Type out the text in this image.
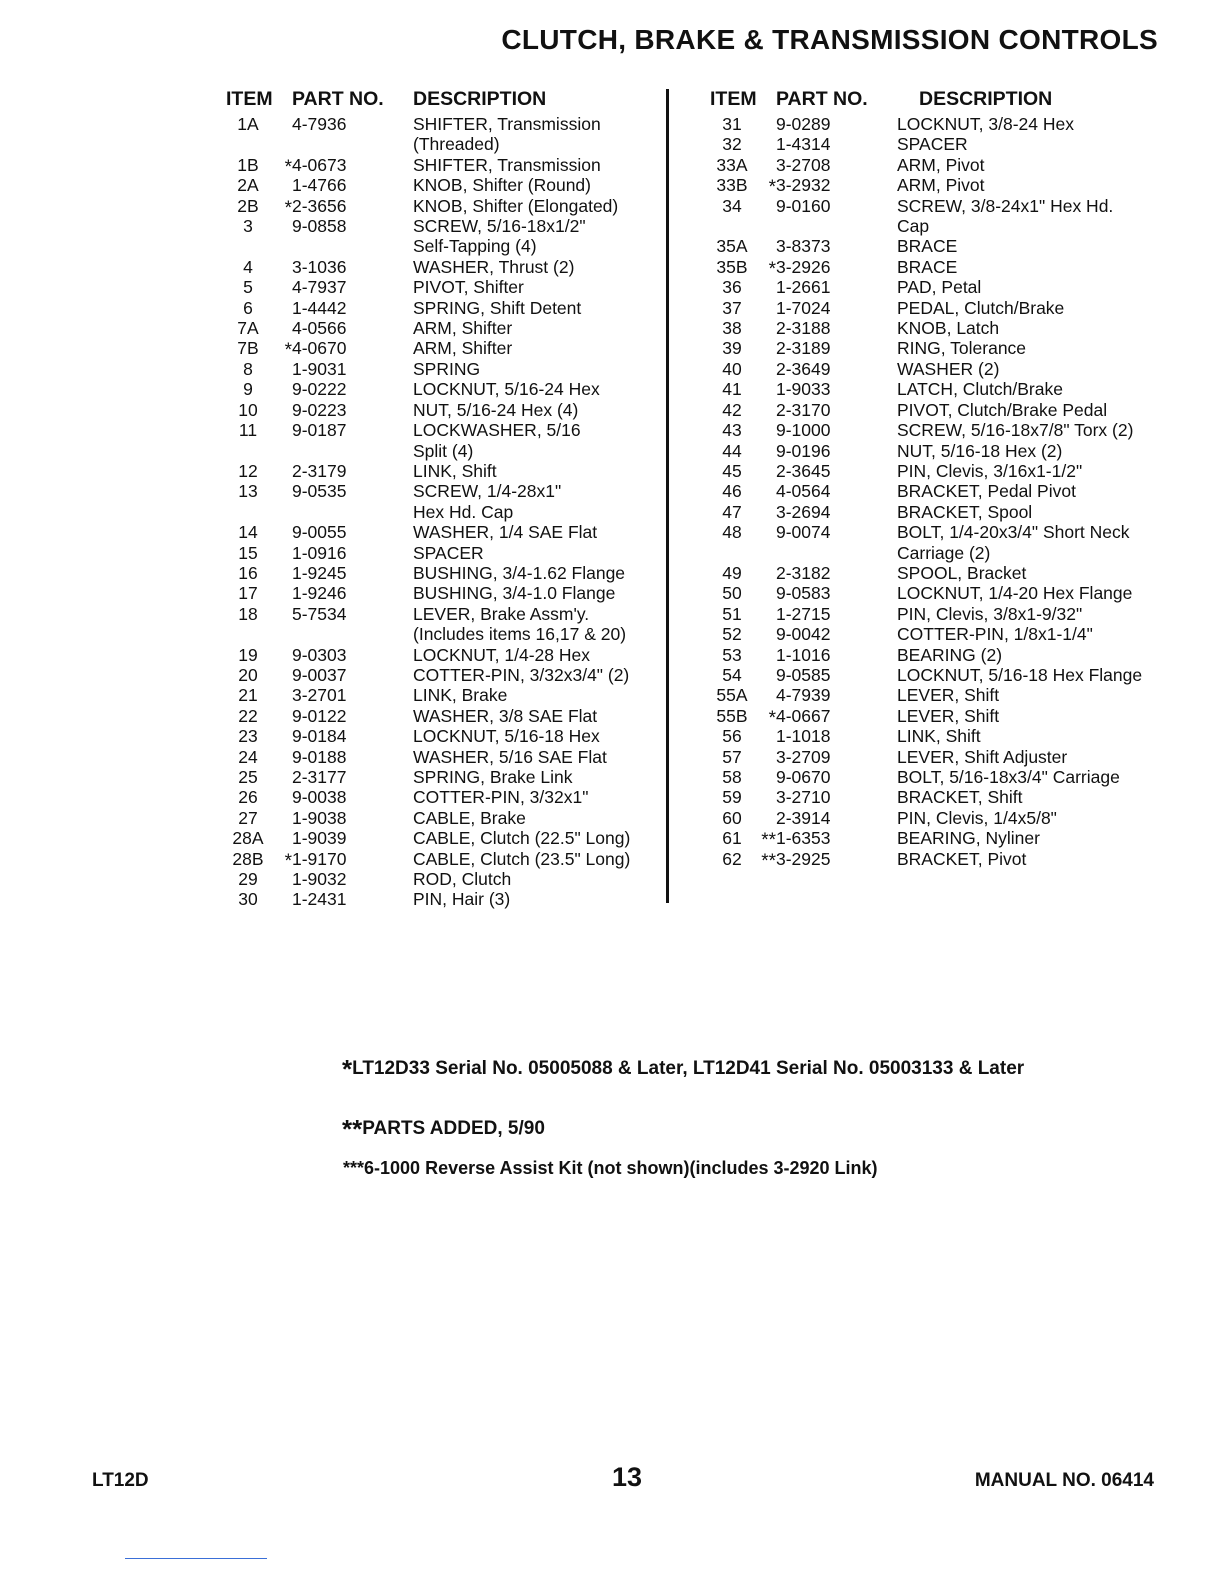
CLUTCH, BRAKE & TRANSMISSION CONTROLS
ITEM PART NO.	DESCRIPTION
1A	4-7936	SHIFTER, Transmission
(Threaded)
1B	*4-0673	SHIFTER, Transmission
2A	1-4766	KNOB, Shifter (Round)
2B	*2-3656	KNOB, Shifter (Elongated)
3	9-0858	SCREW, 5/16-18x1/2"
Self-Tapping (4)
4	3-1036	WASHER, Thrust (2)
5	4-7937	PIVOT, Shifter
6	1-4442	SPRING, Shift Detent
7A	4-0566	ARM, Shifter
7B	*4-0670	ARM, Shifter
8	1-9031	SPRING
9	9-0222	LOCKNUT, 5/16-24 Hex
10	9-0223	NUT, 5/16-24 Hex (4)
11	9-0187	LOCKWASHER, 5/16
Split (4)
12	2-3179	LINK, Shift
13	9-0535	SCREW, 1/4-28x1"
Hex Hd. Cap
14	9-0055	WASHER, 1/4 SAE Flat
15	1-0916	SPACER
16	1-9245	BUSHING, 3/4-1.62 Flange
17	1-9246	BUSHING, 3/4-1.0 Flange
18	5-7534	LEVER, Brake Assm'y.
(Includes items 16,17 & 20)
19	9-0303	LOCKNUT, 1/4-28 Hex
20	9-0037	COTTER-PIN, 3/32x3/4" (2)
21	3-2701	LINK, Brake
22	9-0122	WASHER, 3/8 SAE Flat
23	9-0184	LOCKNUT, 5/16-18 Hex
24	9-0188	WASHER, 5/16 SAE Flat
25	2-3177	SPRING, Brake Link
26	9-0038	COTTER-PIN, 3/32x1"
27	1-9038	CABLE, Brake
28A	1-9039	CABLE, Clutch (22.5" Long)
28B	*1-9170	CABLE, Clutch (23.5" Long)
29	1-9032	ROD, Clutch
30	1-2431	PIN, Hair (3)
ITEM PART NO.	DESCRIPTION
31	9-0289	LOCKNUT, 3/8-24 Hex
32	1-4314	SPACER
33A	3-2708	ARM, Pivot
33B	*3-2932	ARM, Pivot
34	9-0160	SCREW, 3/8-24x1" Hex Hd.
Cap
35A	3-8373	BRACE
35B	*3-2926	BRACE
36	1-2661	PAD, Petal
37	1-7024	PEDAL, Clutch/Brake
38	2-3188	KNOB, Latch
39	2-3189	RING, Tolerance
40	2-3649	WASHER (2)
41	1-9033	LATCH, Clutch/Brake
42	2-3170	PIVOT, Clutch/Brake Pedal
43	9-1000	SCREW, 5/16-18x7/8" Torx (2)
44	9-0196	NUT, 5/16-18 Hex (2)
45	2-3645	PIN, Clevis, 3/16x1-1/2"
46	4-0564	BRACKET, Pedal Pivot
47	3-2694	BRACKET, Spool
48	9-0074	BOLT, 1/4-20x3/4" Short Neck
Carriage (2)
49	2-3182	SPOOL, Bracket
50	9-0583	LOCKNUT, 1/4-20 Hex Flange
51	1-2715	PIN, Clevis, 3/8x1-9/32"
52	9-0042	COTTER-PIN, 1/8x1-1/4"
53	1-1016	BEARING (2)
54	9-0585	LOCKNUT, 5/16-18 Hex Flange
55A	4-7939	LEVER, Shift
55B	*4-0667	LEVER, Shift
56	1-1018	LINK, Shift
57	3-2709	LEVER, Shift Adjuster
58	9-0670	BOLT, 5/16-18x3/4" Carriage
59	3-2710	BRACKET, Shift
60	2-3914	PIN, Clevis, 1/4x5/8"
61	**1-6353	BEARING, Nyliner
62	**3-2925	BRACKET, Pivot
*LT12D33 Serial No. 05005088 & Later, LT12D41 Serial No. 05003133 & Later
**PARTS ADDED, 5/90
***6-1000 Reverse Assist Kit (not shown)(includes 3-2920 Link)
LT12D	13	MANUAL NO. 06414
